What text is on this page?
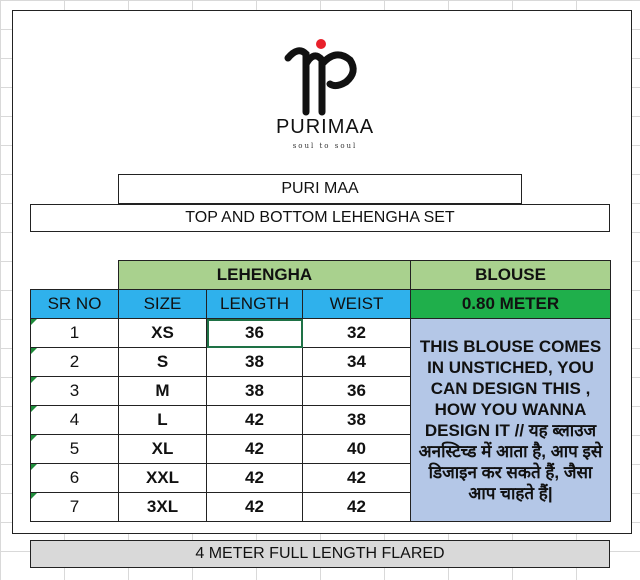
PURIMAA
soul to soul
PURI MAA
TOP AND BOTTOM LEHENGHA SET
	LEHENGHA			BLOUSE
SR NO	SIZE	LENGTH	WEIST	0.80 METER

1	XS	36	32	THIS BLOUSE COMES IN UNSTICHED, YOU CAN DESIGN THIS , HOW YOU WANNA DESIGN IT // यह ब्लाउज अनस्टिच्ड में आता है, आप इसे डिजाइन कर सकते हैं, जैसा आप चाहते हैं|

2	S	38	34	

3	M	38	36	

4	L	42	38	

5	XL	42	40	

6	XXL	42	42	

7	3XL	42	42	
4 METER FULL LENGTH FLARED
